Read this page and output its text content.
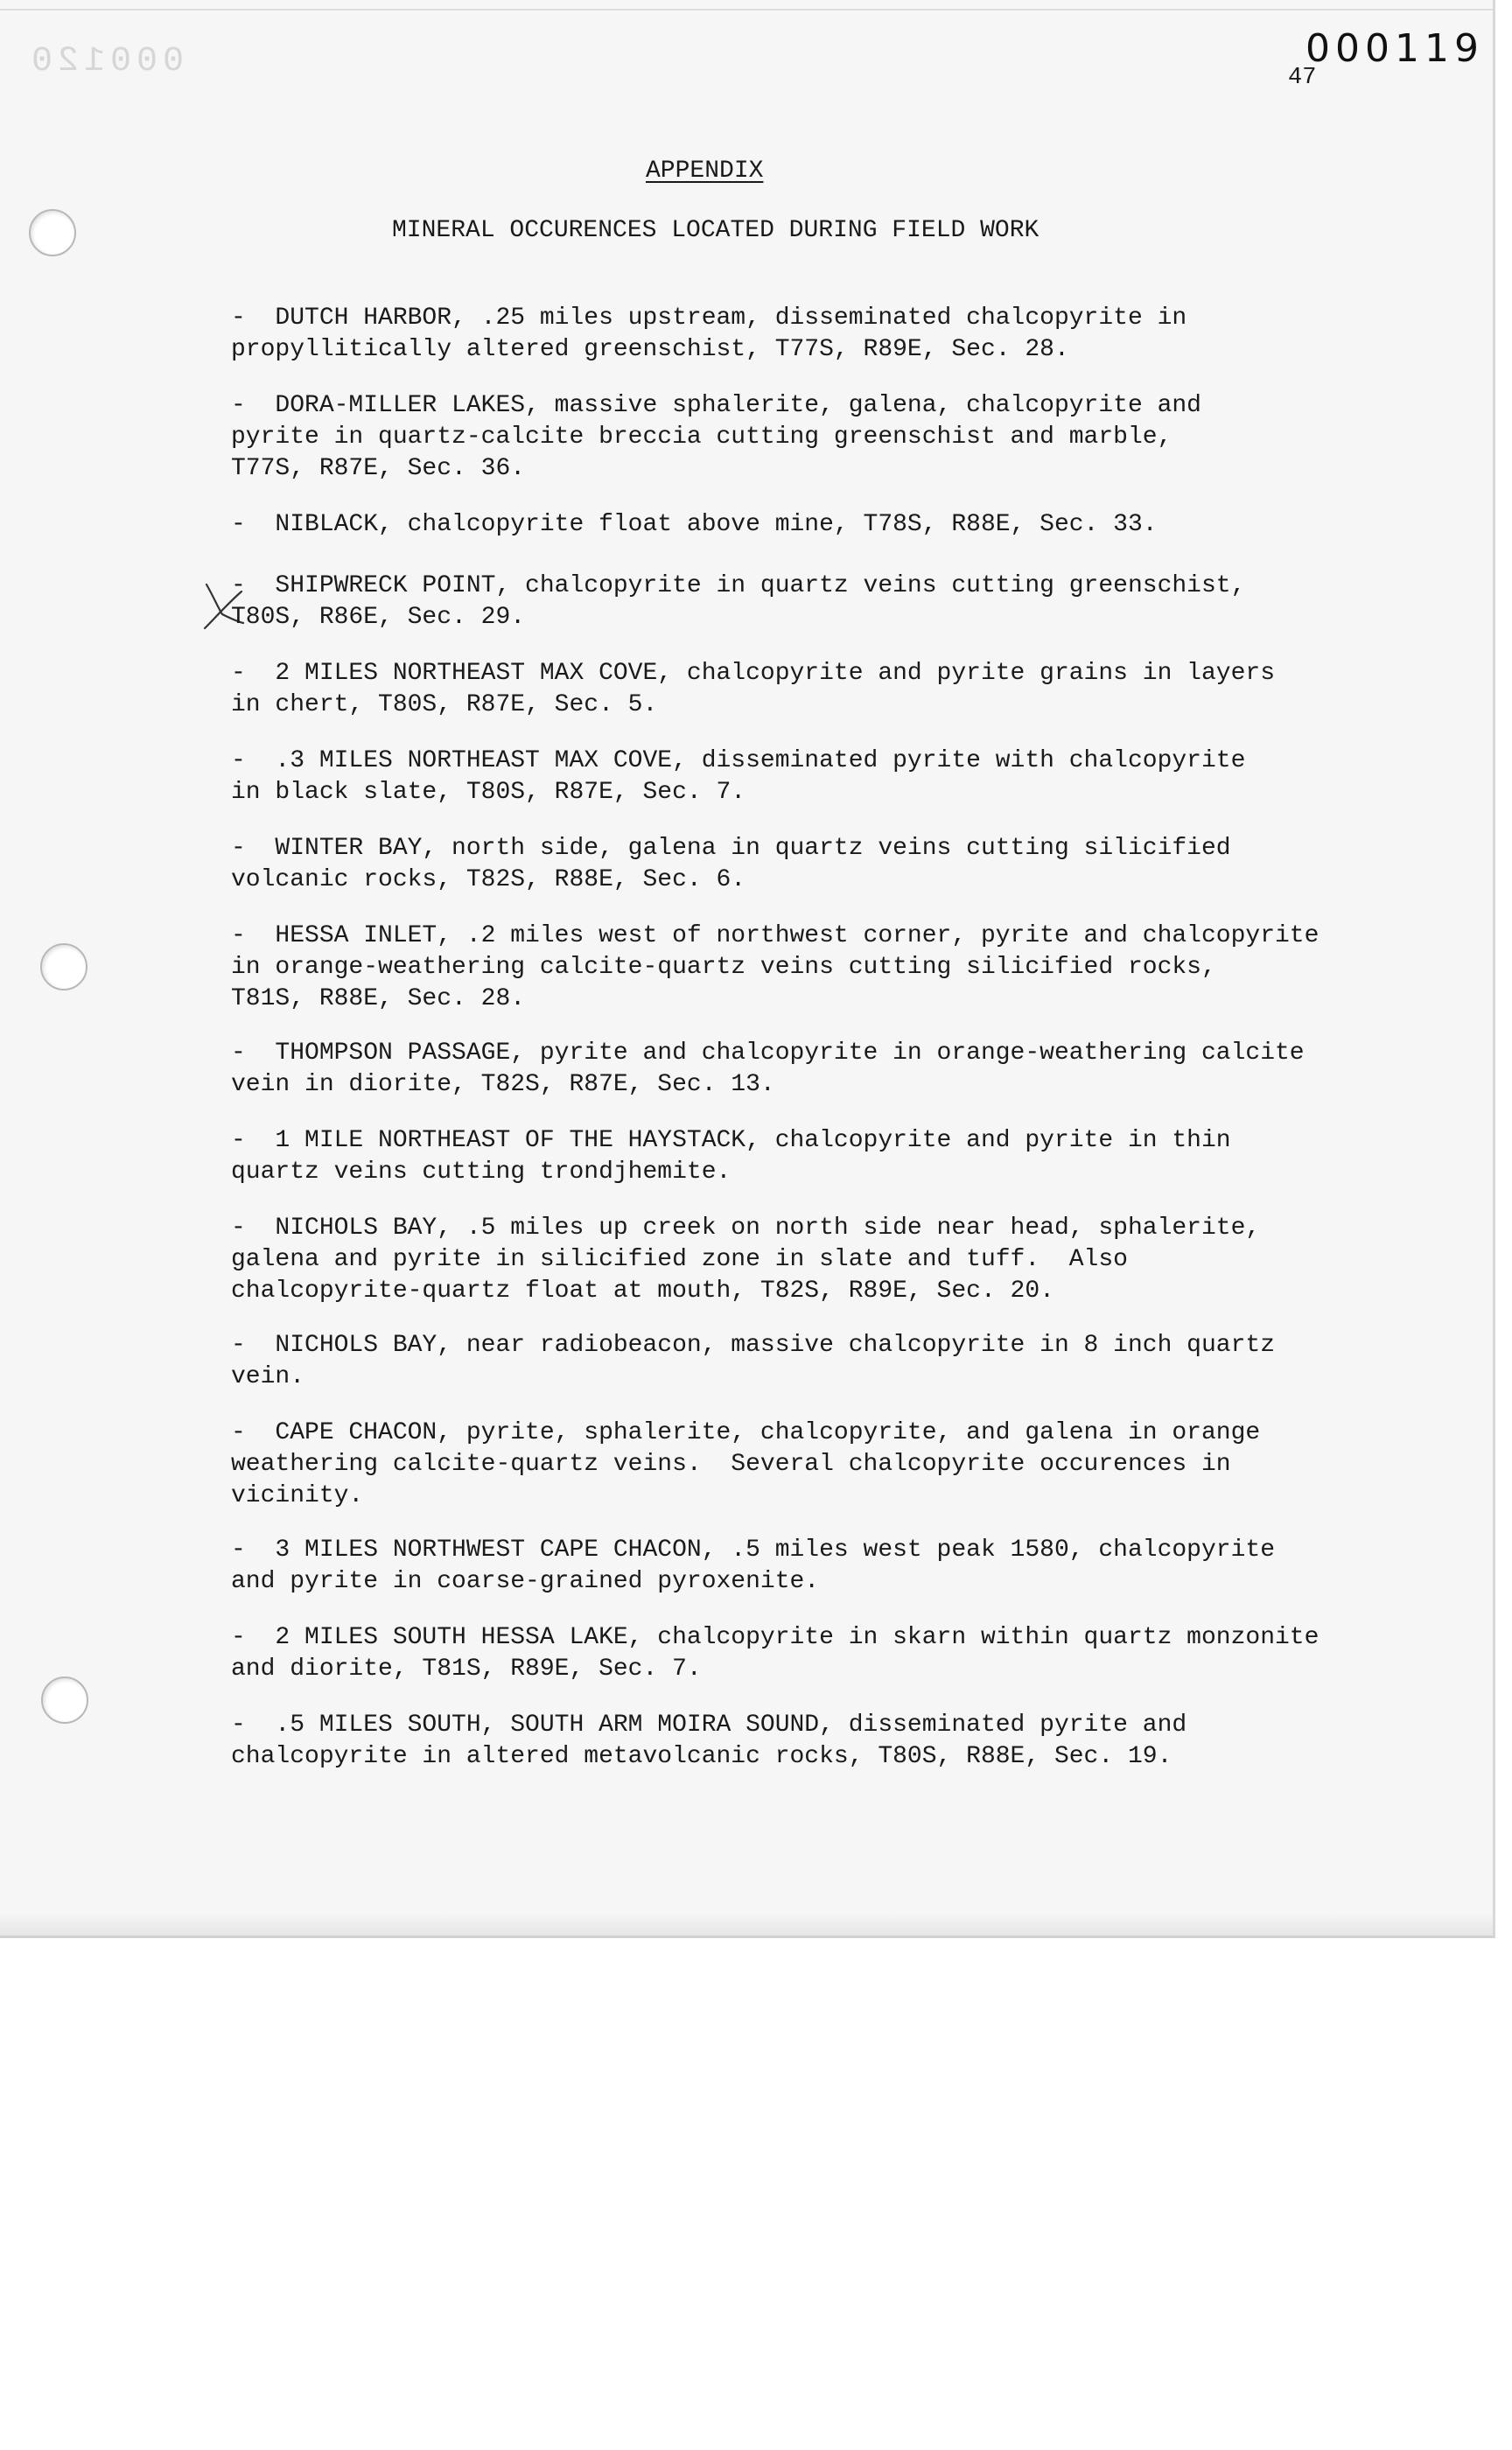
000120	000119
47
APPENDIX
MINERAL OCCURENCES LOCATED DURING FIELD WORK
-  DUTCH HARBOR, .25 miles upstream, disseminated chalcopyrite in
propyllitically altered greenschist, T77S, R89E, Sec. 28.
-  DORA-MILLER LAKES, massive sphalerite, galena, chalcopyrite and
pyrite in quartz-calcite breccia cutting greenschist and marble,
T77S, R87E, Sec. 36.
-  NIBLACK, chalcopyrite float above mine, T78S, R88E, Sec. 33.
-  SHIPWRECK POINT, chalcopyrite in quartz veins cutting greenschist,
T80S, R86E, Sec. 29.
-  2 MILES NORTHEAST MAX COVE, chalcopyrite and pyrite grains in layers
in chert, T80S, R87E, Sec. 5.
-  .3 MILES NORTHEAST MAX COVE, disseminated pyrite with chalcopyrite
in black slate, T80S, R87E, Sec. 7.
-  WINTER BAY, north side, galena in quartz veins cutting silicified
volcanic rocks, T82S, R88E, Sec. 6.
-  HESSA INLET, .2 miles west of northwest corner, pyrite and chalcopyrite
in orange-weathering calcite-quartz veins cutting silicified rocks,
T81S, R88E, Sec. 28.
-  THOMPSON PASSAGE, pyrite and chalcopyrite in orange-weathering calcite
vein in diorite, T82S, R87E, Sec. 13.
-  1 MILE NORTHEAST OF THE HAYSTACK, chalcopyrite and pyrite in thin
quartz veins cutting trondjhemite.
-  NICHOLS BAY, .5 miles up creek on north side near head, sphalerite,
galena and pyrite in silicified zone in slate and tuff.  Also
chalcopyrite-quartz float at mouth, T82S, R89E, Sec. 20.
-  NICHOLS BAY, near radiobeacon, massive chalcopyrite in 8 inch quartz
vein.
-  CAPE CHACON, pyrite, sphalerite, chalcopyrite, and galena in orange
weathering calcite-quartz veins.  Several chalcopyrite occurences in
vicinity.
-  3 MILES NORTHWEST CAPE CHACON, .5 miles west peak 1580, chalcopyrite
and pyrite in coarse-grained pyroxenite.
-  2 MILES SOUTH HESSA LAKE, chalcopyrite in skarn within quartz monzonite
and diorite, T81S, R89E, Sec. 7.
-  .5 MILES SOUTH, SOUTH ARM MOIRA SOUND, disseminated pyrite and
chalcopyrite in altered metavolcanic rocks, T80S, R88E, Sec. 19.
